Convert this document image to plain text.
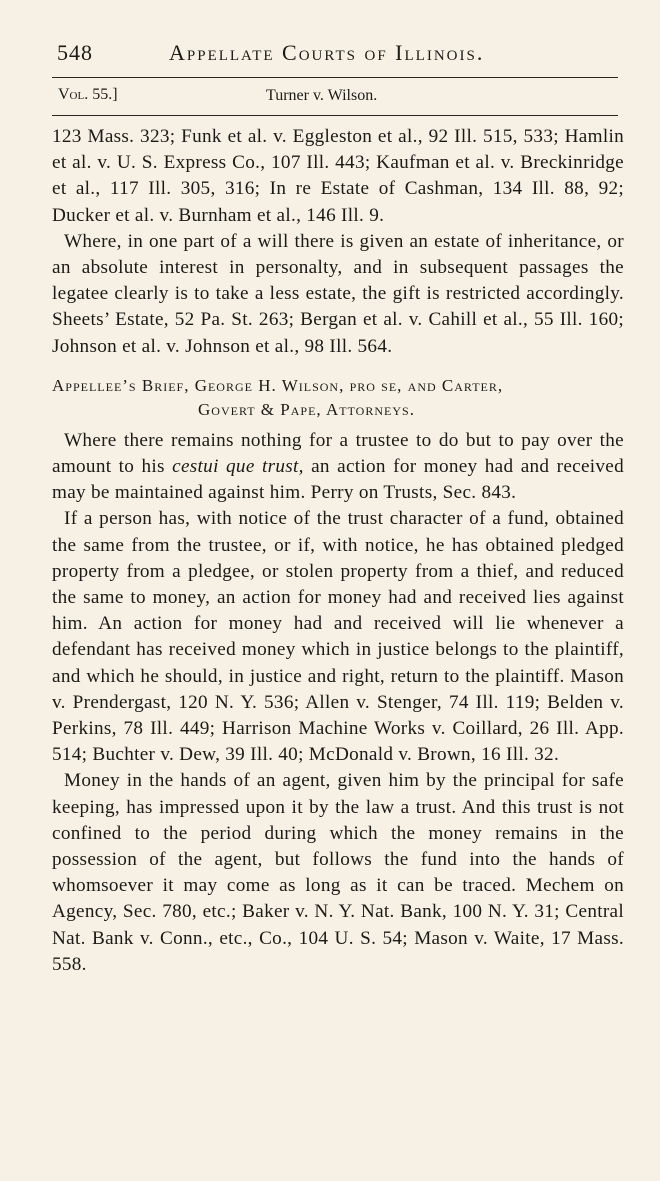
548	Appellate Courts of Illinois.
Vol. 55.]	Turner v. Wilson.

123 Mass. 323; Funk et al. v. Eggleston et al., 92 Ill. 515, 533; Hamlin et al. v. U. S. Express Co., 107 Ill. 443; Kaufman et al. v. Breckinridge et al., 117 Ill. 305, 316; In re Estate of Cashman, 134 Ill. 88, 92; Ducker et al. v. Burnham et al., 146 Ill. 9.

Where, in one part of a will there is given an estate of inheritance, or an absolute interest in personalty, and in subsequent passages the legatee clearly is to take a less estate, the gift is restricted accordingly. Sheets’ Estate, 52 Pa. St. 263; Bergan et al. v. Cahill et al., 55 Ill. 160; Johnson et al. v. Johnson et al., 98 Ill. 564.

Appellee’s Brief, George H. Wilson, pro se, and Carter,
Govert & Pape, Attorneys.

Where there remains nothing for a trustee to do but to pay over the amount to his cestui que trust, an action for money had and received may be maintained against him. Perry on Trusts, Sec. 843.

If a person has, with notice of the trust character of a fund, obtained the same from the trustee, or if, with notice, he has obtained pledged property from a pledgee, or stolen property from a thief, and reduced the same to money, an action for money had and received lies against him. An action for money had and received will lie whenever a defendant has received money which in justice belongs to the plaintiff, and which he should, in justice and right, return to the plaintiff. Mason v. Prendergast, 120 N. Y. 536; Allen v. Stenger, 74 Ill. 119; Belden v. Perkins, 78 Ill. 449; Harrison Machine Works v. Coillard, 26 Ill. App. 514; Buchter v. Dew, 39 Ill. 40; McDonald v. Brown, 16 Ill. 32.

Money in the hands of an agent, given him by the principal for safe keeping, has impressed upon it by the law a trust. And this trust is not confined to the period during which the money remains in the possession of the agent, but follows the fund into the hands of whomsoever it may come as long as it can be traced. Mechem on Agency, Sec. 780, etc.; Baker v. N. Y. Nat. Bank, 100 N. Y. 31; Central Nat. Bank v. Conn., etc., Co., 104 U. S. 54; Mason v. Waite, 17 Mass. 558.
